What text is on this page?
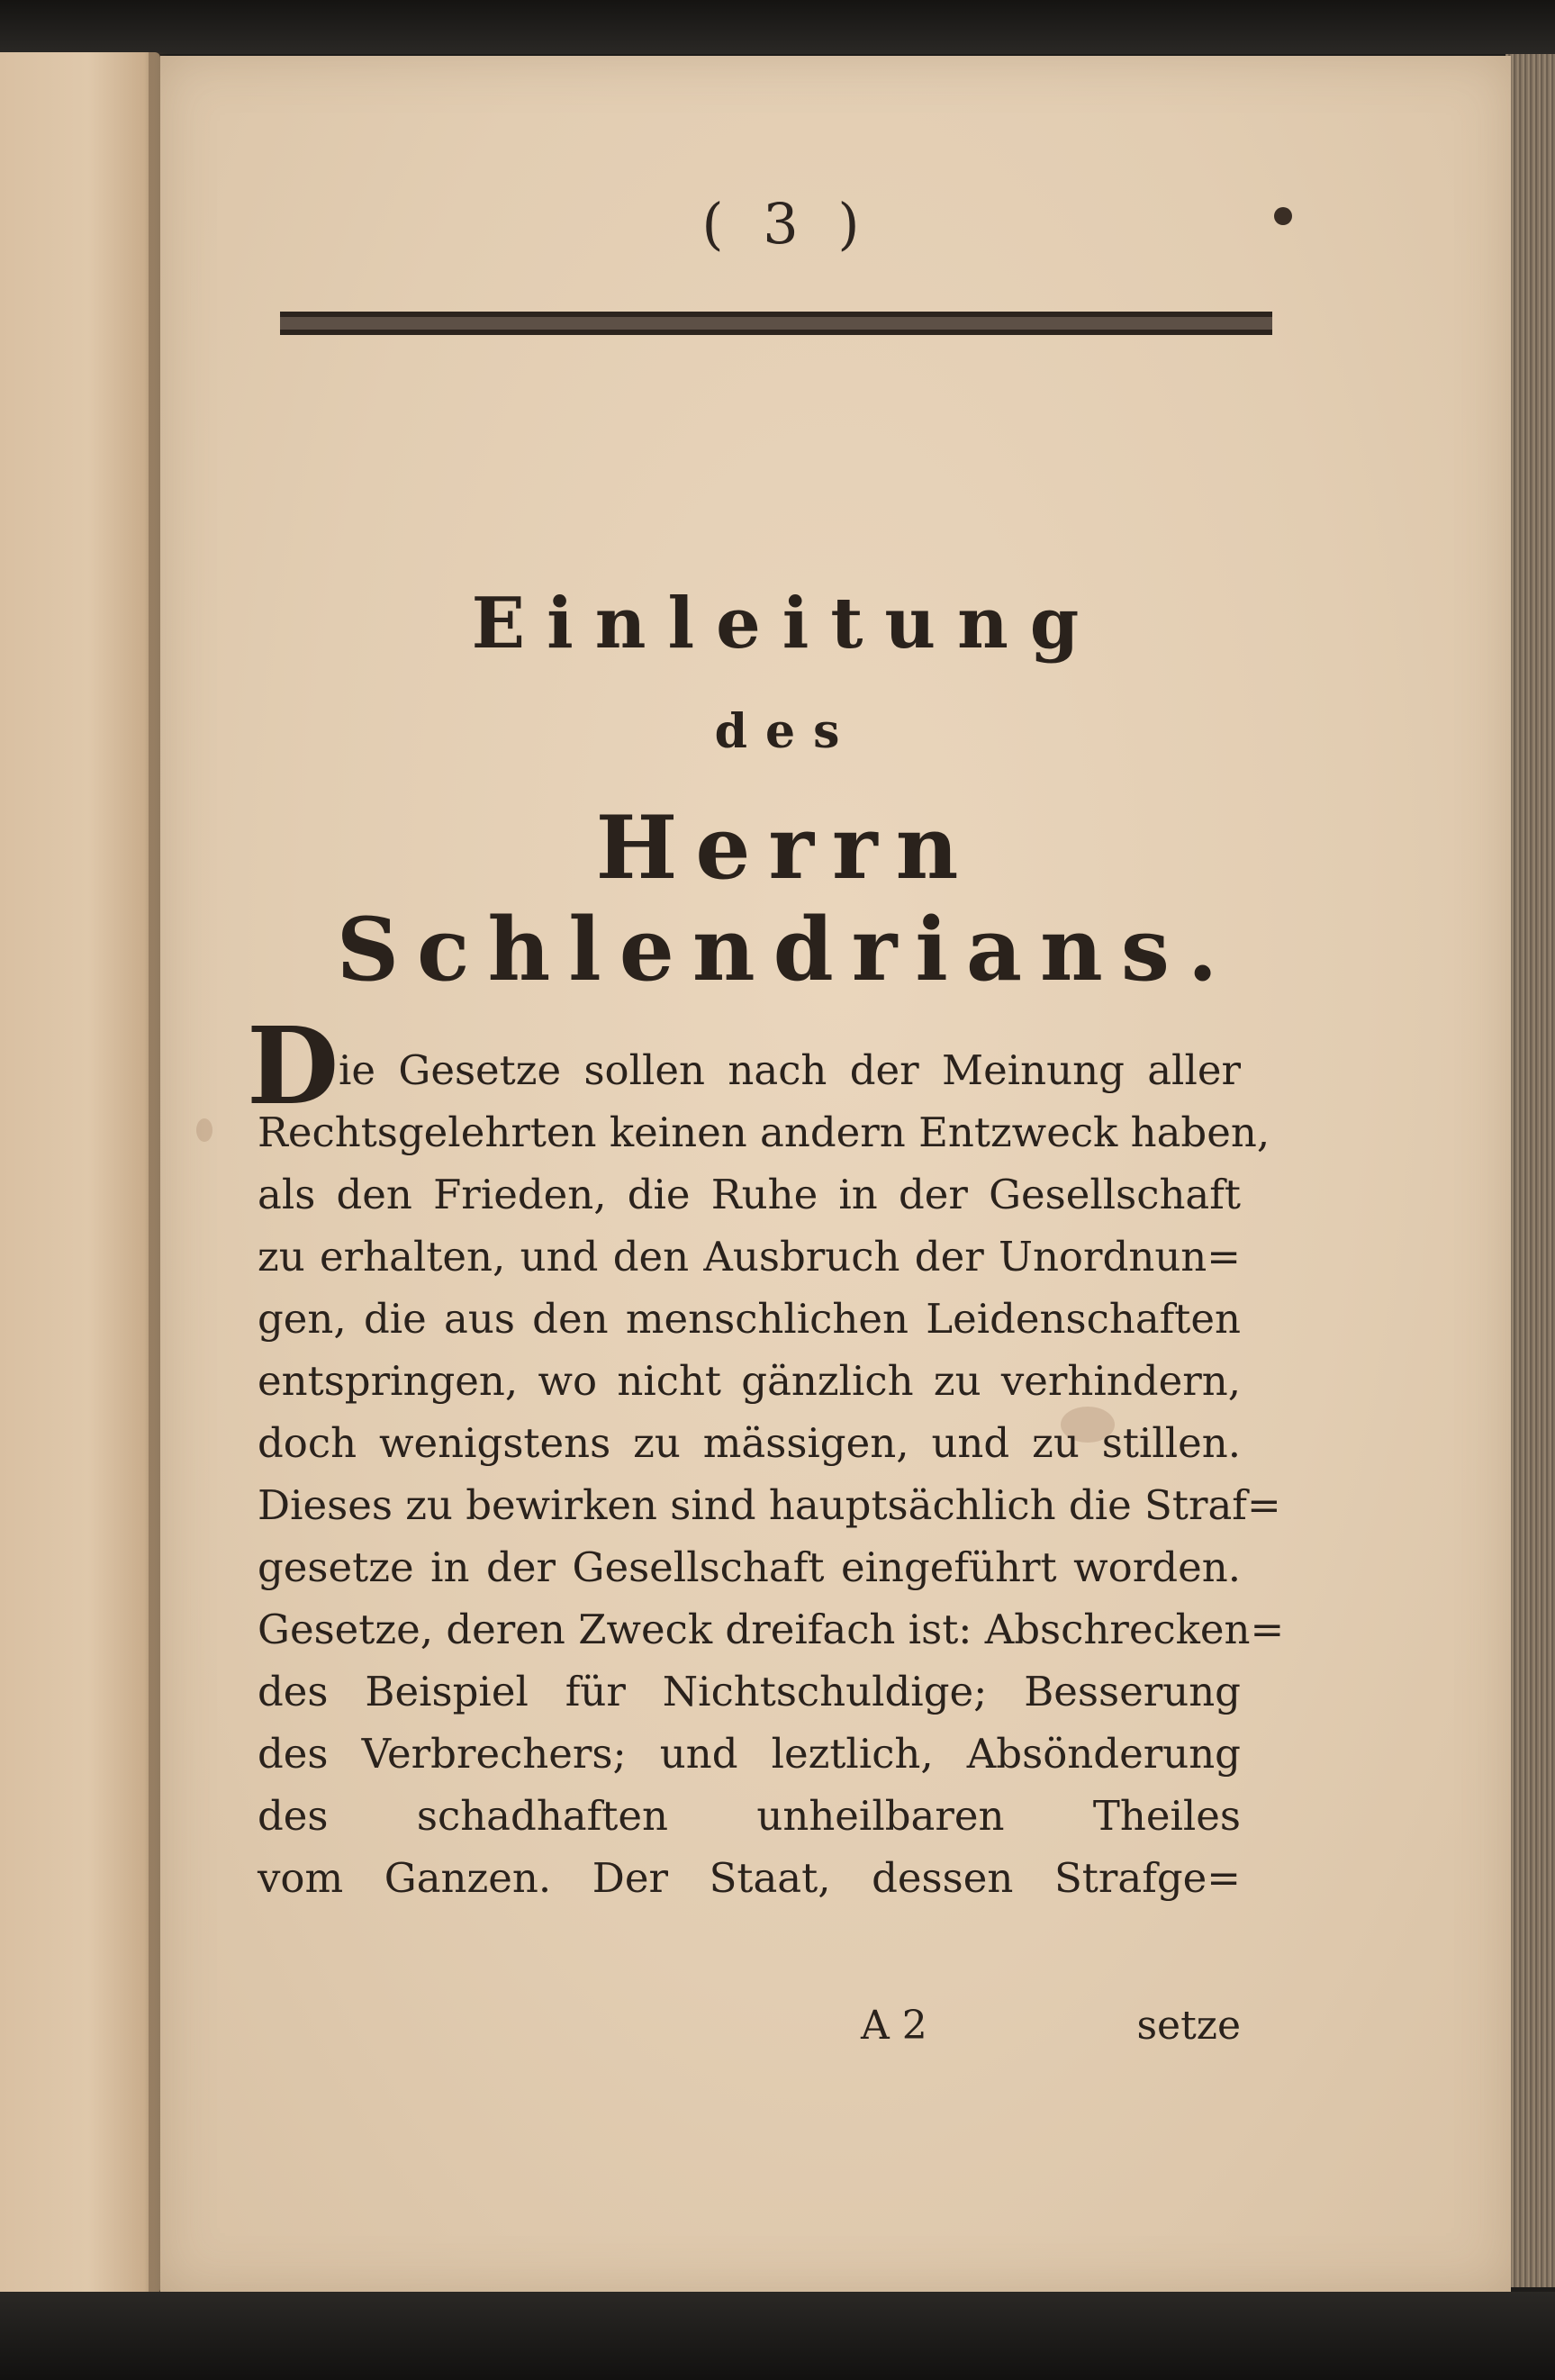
( 3 )
Einleitung
des
Herrn Schlendrians.
D ie Gesetze sollen nach der Meinung aller
Rechtsgelehrten keinen andern Entzweck haben,
als den Frieden, die Ruhe in der Gesellschaft
zu erhalten, und den Ausbruch der Unordnun=
gen, die aus den menschlichen Leidenschaften
entspringen, wo nicht gänzlich zu verhindern,
doch wenigstens zu mässigen, und zu stillen.
Dieses zu bewirken sind hauptsächlich die Straf=
gesetze in der Gesellschaft eingeführt worden.
Gesetze, deren Zweck dreifach ist: Abschrecken=
des Beispiel für Nichtschuldige; Besserung
des Verbrechers; und leztlich, Absönderung
des schadhaften unheilbaren Theiles
vom Ganzen. Der Staat, dessen Strafge=
A 2	setze
